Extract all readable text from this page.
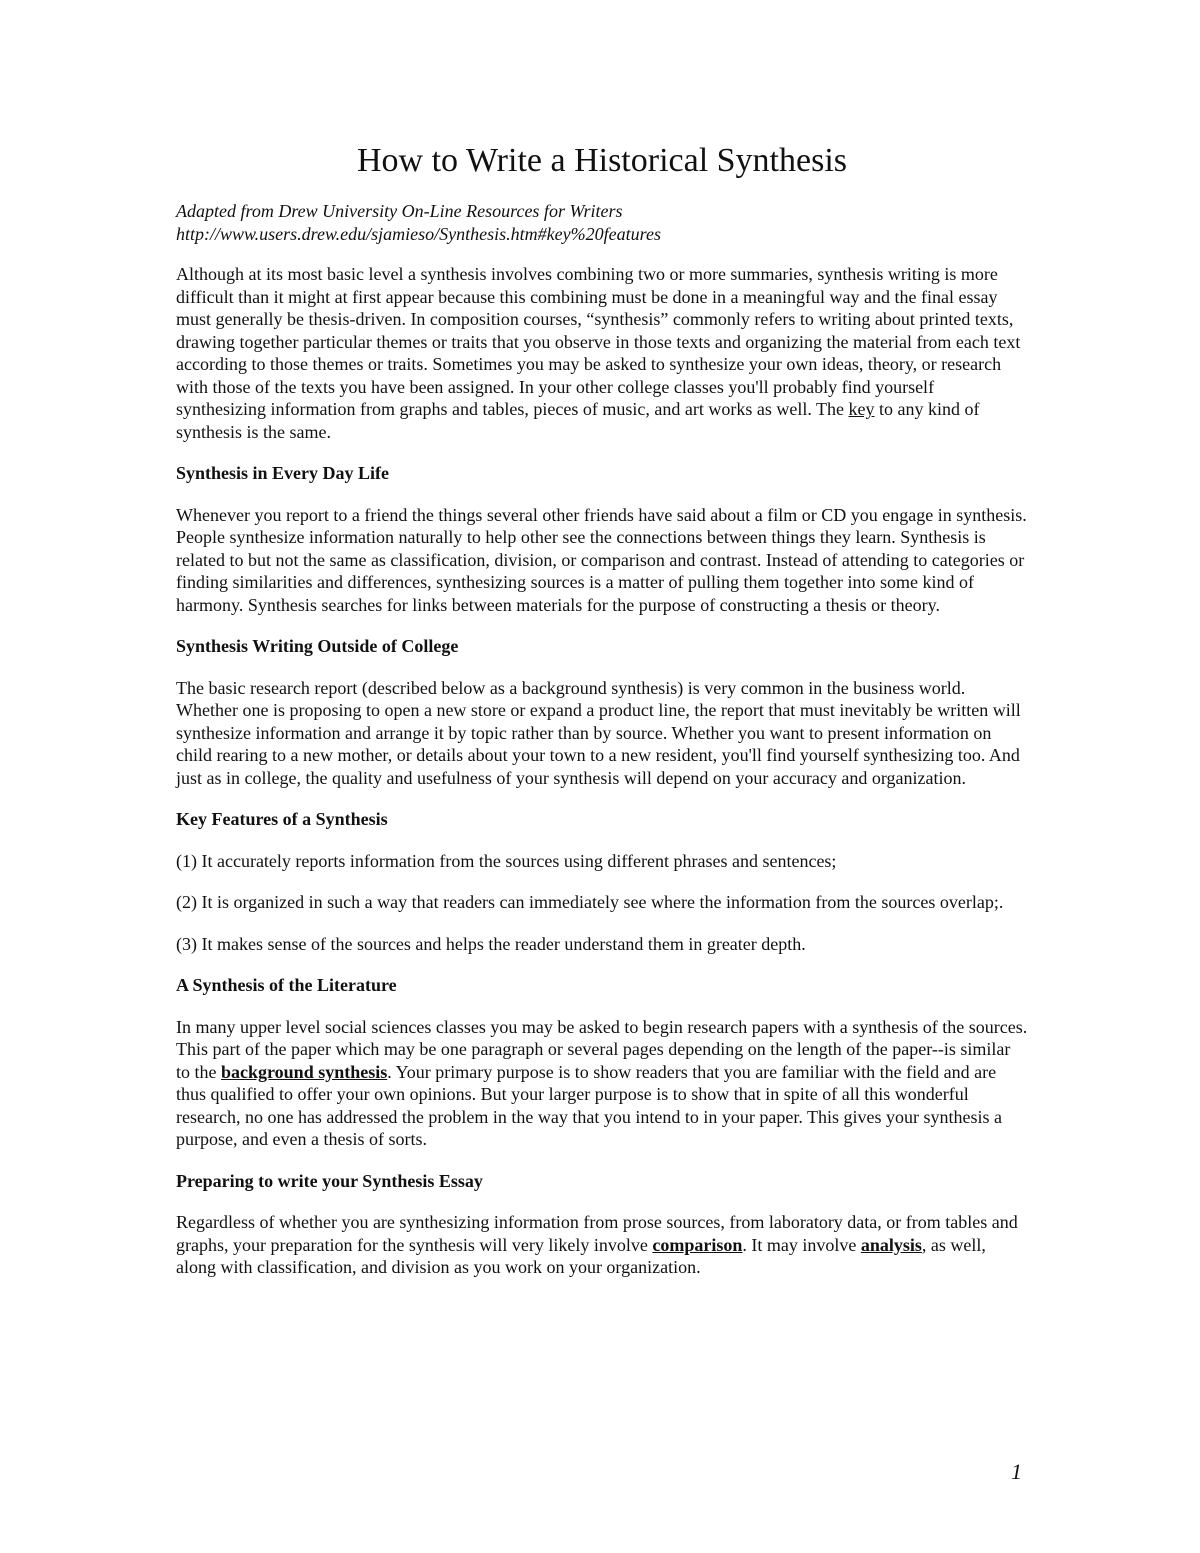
How to Write a Historical Synthesis
Adapted from Drew University On-Line Resources for Writers
http://www.users.drew.edu/sjamieso/Synthesis.htm#key%20features

Although at its most basic level a synthesis involves combining two or more summaries, synthesis writing is more difficult than it might at first appear because this combining must be done in a meaningful way and the final essay must generally be thesis-driven. In composition courses, “synthesis” commonly refers to writing about printed texts, drawing together particular themes or traits that you observe in those texts and organizing the material from each text according to those themes or traits. Sometimes you may be asked to synthesize your own ideas, theory, or research with those of the texts you have been assigned. In your other college classes you'll probably find yourself synthesizing information from graphs and tables, pieces of music, and art works as well. The key to any kind of synthesis is the same.

Synthesis in Every Day Life

Whenever you report to a friend the things several other friends have said about a film or CD you engage in synthesis. People synthesize information naturally to help other see the connections between things they learn. Synthesis is related to but not the same as classification, division, or comparison and contrast. Instead of attending to categories or finding similarities and differences, synthesizing sources is a matter of pulling them together into some kind of harmony. Synthesis searches for links between materials for the purpose of constructing a thesis or theory.

Synthesis Writing Outside of College

The basic research report (described below as a background synthesis) is very common in the business world. Whether one is proposing to open a new store or expand a product line, the report that must inevitably be written will synthesize information and arrange it by topic rather than by source. Whether you want to present information on child rearing to a new mother, or details about your town to a new resident, you'll find yourself synthesizing too. And just as in college, the quality and usefulness of your synthesis will depend on your accuracy and organization.

Key Features of a Synthesis

(1) It accurately reports information from the sources using different phrases and sentences;

(2) It is organized in such a way that readers can immediately see where the information from the sources overlap;.

(3) It makes sense of the sources and helps the reader understand them in greater depth.

A Synthesis of the Literature

In many upper level social sciences classes you may be asked to begin research papers with a synthesis of the sources. This part of the paper which may be one paragraph or several pages depending on the length of the paper--is similar to the background synthesis. Your primary purpose is to show readers that you are familiar with the field and are thus qualified to offer your own opinions. But your larger purpose is to show that in spite of all this wonderful research, no one has addressed the problem in the way that you intend to in your paper. This gives your synthesis a purpose, and even a thesis of sorts.

Preparing to write your Synthesis Essay

Regardless of whether you are synthesizing information from prose sources, from laboratory data, or from tables and graphs, your preparation for the synthesis will very likely involve comparison. It may involve analysis, as well, along with classification, and division as you work on your organization.

1
